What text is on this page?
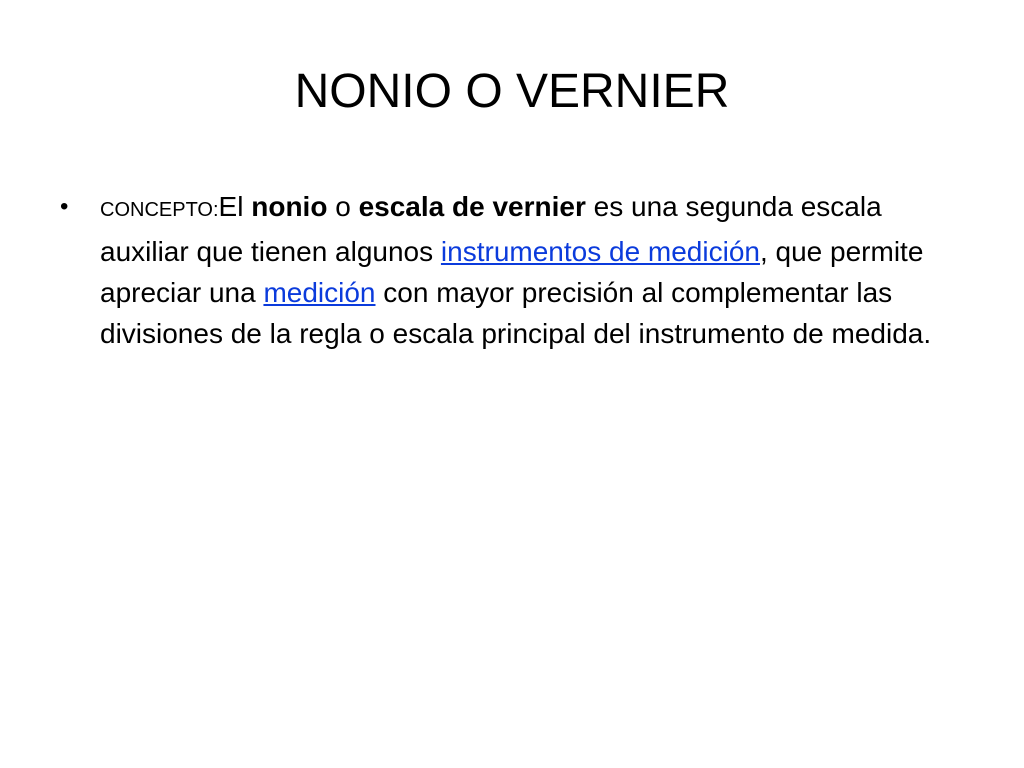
NONIO O VERNIER
• CONCEPTO:El nonio o escala de vernier es una segunda escala auxiliar que tienen algunos instrumentos de medición, que permite apreciar una medición con mayor precisión al complementar las divisiones de la regla o escala principal del instrumento de medida.
